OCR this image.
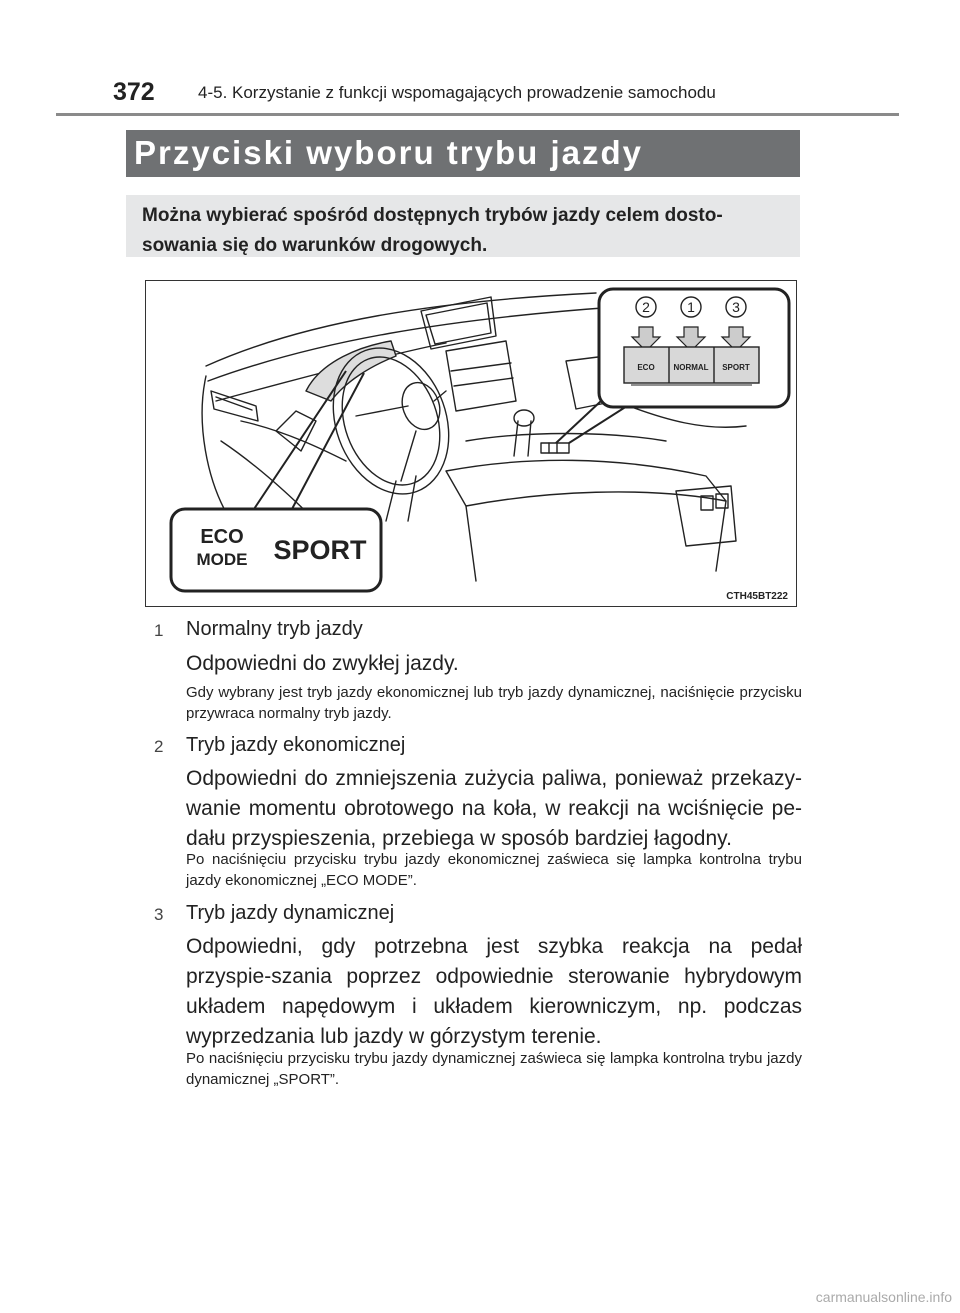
372	4-5. Korzystanie z funkcji wspomagających prowadzenie samochodu
Przyciski wyboru trybu jazdy
Można wybierać spośród dostępnych trybów jazdy celem dosto-sowania się do warunków drogowych.
2	1	3
ECO NORMAL SPORT
ECO
MODE SPORT
CTH45BT222
1 Normalny tryb jazdy
Odpowiedni do zwykłej jazdy.
Gdy wybrany jest tryb jazdy ekonomicznej lub tryb jazdy dynamicznej, naciśnięcie przycisku przywraca normalny tryb jazdy.
2 Tryb jazdy ekonomicznej
Odpowiedni do zmniejszenia zużycia paliwa, ponieważ przekazy-wanie momentu obrotowego na koła, w reakcji na wciśnięcie pe-dału przyspieszenia, przebiega w sposób bardziej łagodny.
Po naciśnięciu przycisku trybu jazdy ekonomicznej zaświeca się lampka kontrolna trybu jazdy ekonomicznej „ECO MODE”.
3 Tryb jazdy dynamicznej
Odpowiedni, gdy potrzebna jest szybka reakcja na pedał przyspie-szania poprzez odpowiednie sterowanie hybrydowym układem napędowym i układem kierowniczym, np. podczas wyprzedzania lub jazdy w górzystym terenie.
Po naciśnięciu przycisku trybu jazdy dynamicznej zaświeca się lampka kontrolna trybu jazdy dynamicznej „SPORT”.
carmanualsonline.info
